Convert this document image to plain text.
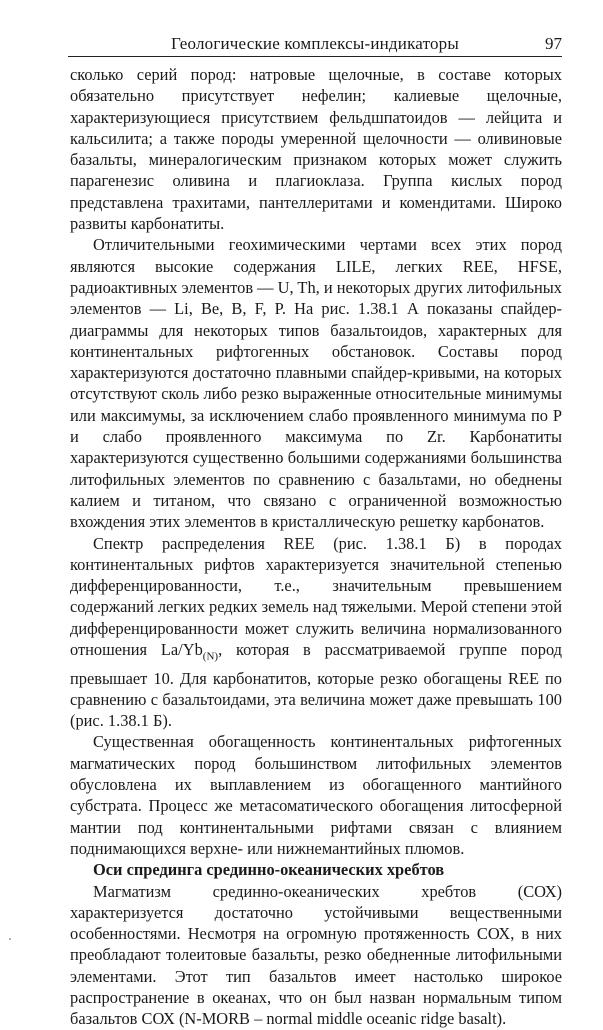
Геологические комплексы-индикаторы	97

сколько серий пород: натровые щелочные, в составе которых обязательно присутствует нефелин; калиевые щелочные, характеризующиеся присутствием фельдшпатоидов — лейцита и кальсилита; а также породы умеренной щелочности — оливиновые базальты, минералогическим признаком которых может служить парагенезис оливина и плагиоклаза. Группа кислых пород представлена трахитами, пантеллеритами и комендитами. Широко развиты карбонатиты.

Отличительными геохимическими чертами всех этих пород являются высокие содержания LILE, легких REE, HFSE, радиоактивных элементов — U, Th, и некоторых других литофильных элементов — Li, Be, B, F, P. На рис. 1.38.1 А показаны спайдер-диаграммы для некоторых типов базальтоидов, характерных для континентальных рифтогенных обстановок. Составы пород характеризуются достаточно плавными спайдер-кривыми, на которых отсутствуют сколь либо резко выраженные относительные минимумы или максимумы, за исключением слабо проявленного минимума по P и слабо проявленного максимума по Zr. Карбонатиты характеризуются существенно большими содержаниями большинства литофильных элементов по сравнению с базальтами, но обеднены калием и титаном, что связано с ограниченной возможностью вхождения этих элементов в кристаллическую решетку карбонатов.

Спектр распределения REE (рис. 1.38.1 Б) в породах континентальных рифтов характеризуется значительной степенью дифференцированности, т.е., значительным превышением содержаний легких редких земель над тяжелыми. Мерой степени этой дифференцированности может служить величина нормализованного отношения $La/Yb_{(N)}$, которая в рассматриваемой группе пород превышает 10. Для карбонатитов, которые резко обогащены REE по сравнению с базальтоидами, эта величина может даже превышать 100 (рис. 1.38.1 Б).

Существенная обогащенность континентальных рифтогенных магматических пород большинством литофильных элементов обусловлена их выплавлением из обогащенного мантийного субстрата. Процесс же метасоматического обогащения литосферной мантии под континентальными рифтами связан с влиянием поднимающихся верхне- или нижнемантийных плюмов.

Оси спрединга срединно-океанических хребтов

Магматизм срединно-океанических хребтов (СОХ) характеризуется достаточно устойчивыми вещественными особенностями. Несмотря на огромную протяженность СОХ, в них преобладают толеитовые базальты, резко обедненные литофильными элементами. Этот тип базальтов имеет настолько широкое распространение в океанах, что он был назван нормальным типом базальтов СОХ (N-MORB – normal middle oceanic ridge basalt).
